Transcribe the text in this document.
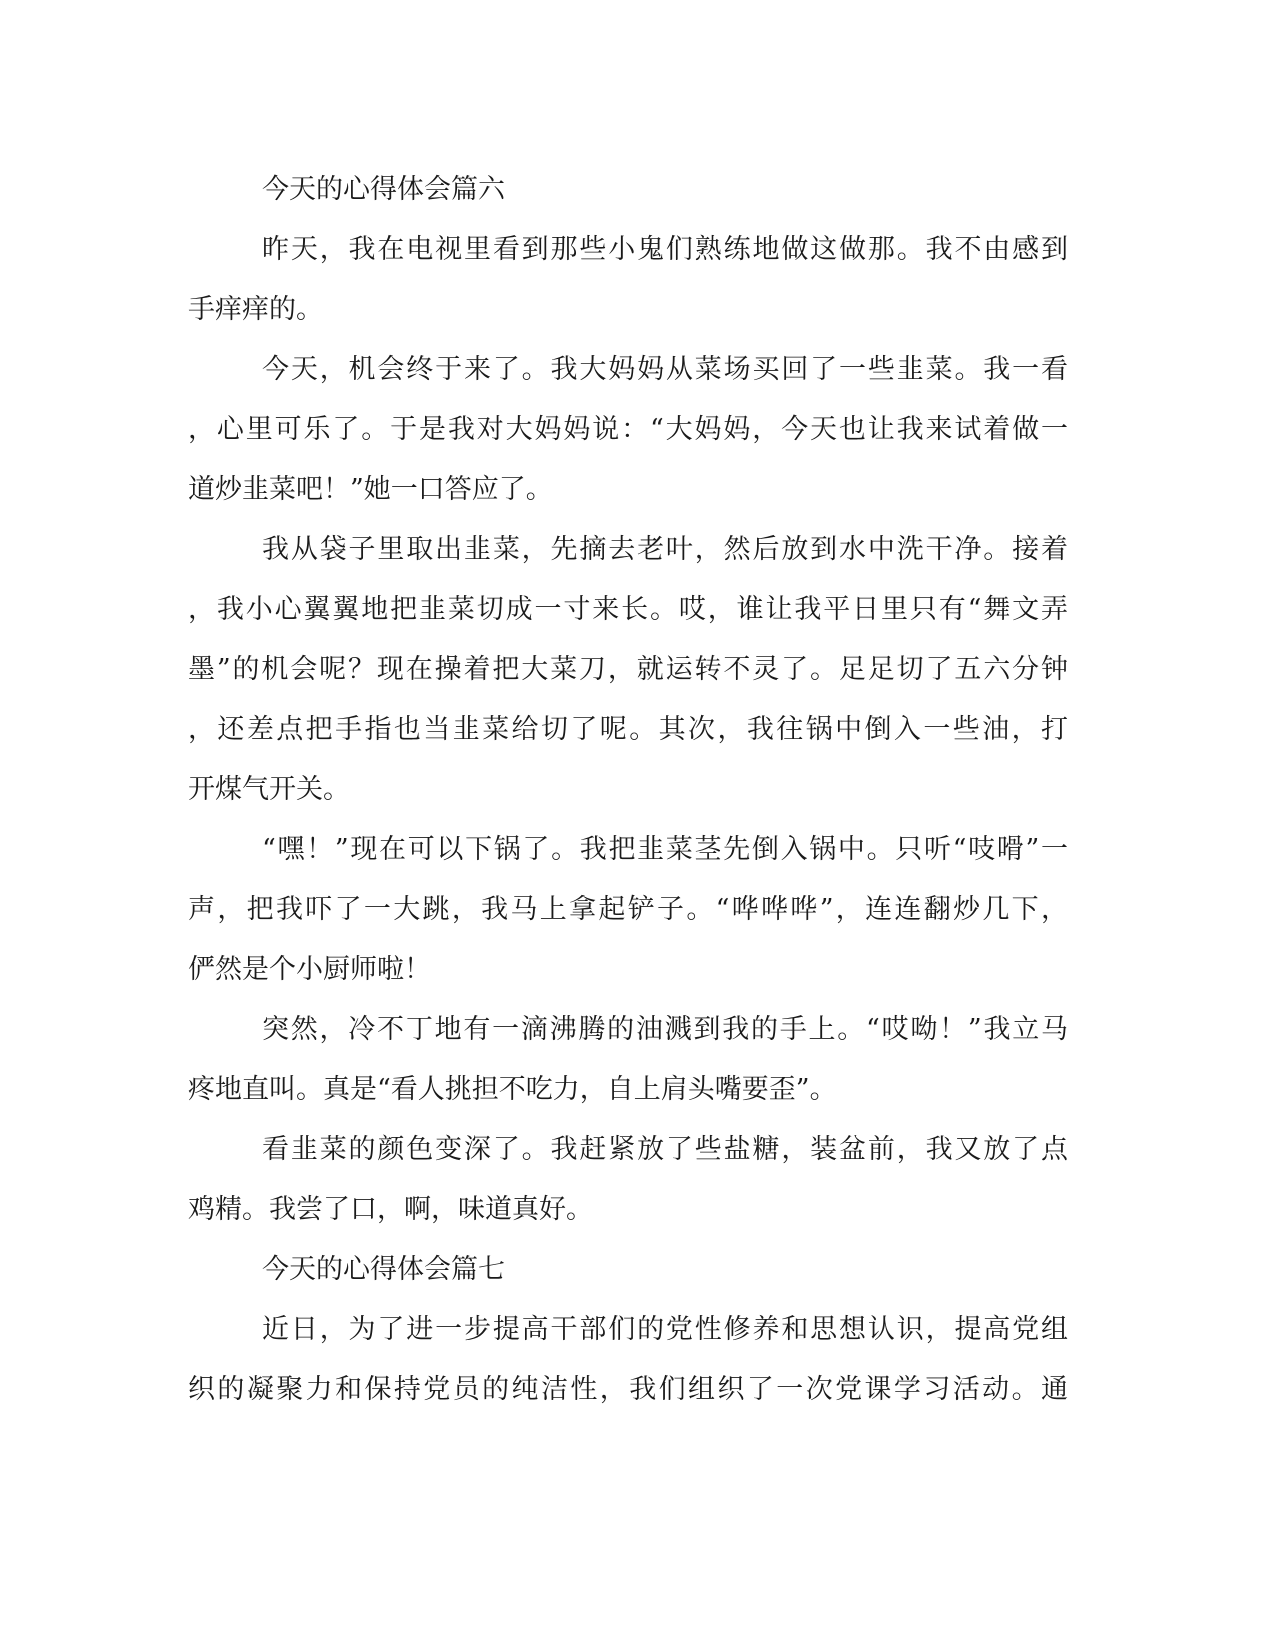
今天的心得体会篇六
昨天，我在电视里看到那些小鬼们熟练地做这做那。我不由感到
手痒痒的。
今天，机会终于来了。我大妈妈从菜场买回了一些韭菜。我一看
，心里可乐了。于是我对大妈妈说：“大妈妈，今天也让我来试着做一
道炒韭菜吧！”她一口答应了。
我从袋子里取出韭菜，先摘去老叶，然后放到水中洗干净。接着
，我小心翼翼地把韭菜切成一寸来长。哎，谁让我平日里只有“舞文弄
墨”的机会呢？现在操着把大菜刀，就运转不灵了。足足切了五六分钟
，还差点把手指也当韭菜给切了呢。其次，我往锅中倒入一些油，打
开煤气开关。
“嘿！”现在可以下锅了。我把韭菜茎先倒入锅中。只听“吱嗗”一
声，把我吓了一大跳，我马上拿起铲子。“哗哗哗”，连连翻炒几下，
俨然是个小厨师啦！
突然，冷不丁地有一滴沸腾的油溅到我的手上。“哎呦！”我立马
疼地直叫。真是“看人挑担不吃力，自上肩头嘴要歪”。
看韭菜的颜色变深了。我赶紧放了些盐糖，装盆前，我又放了点
鸡精。我尝了口，啊，味道真好。
今天的心得体会篇七
近日，为了进一步提高干部们的党性修养和思想认识，提高党组
织的凝聚力和保持党员的纯洁性，我们组织了一次党课学习活动。通
